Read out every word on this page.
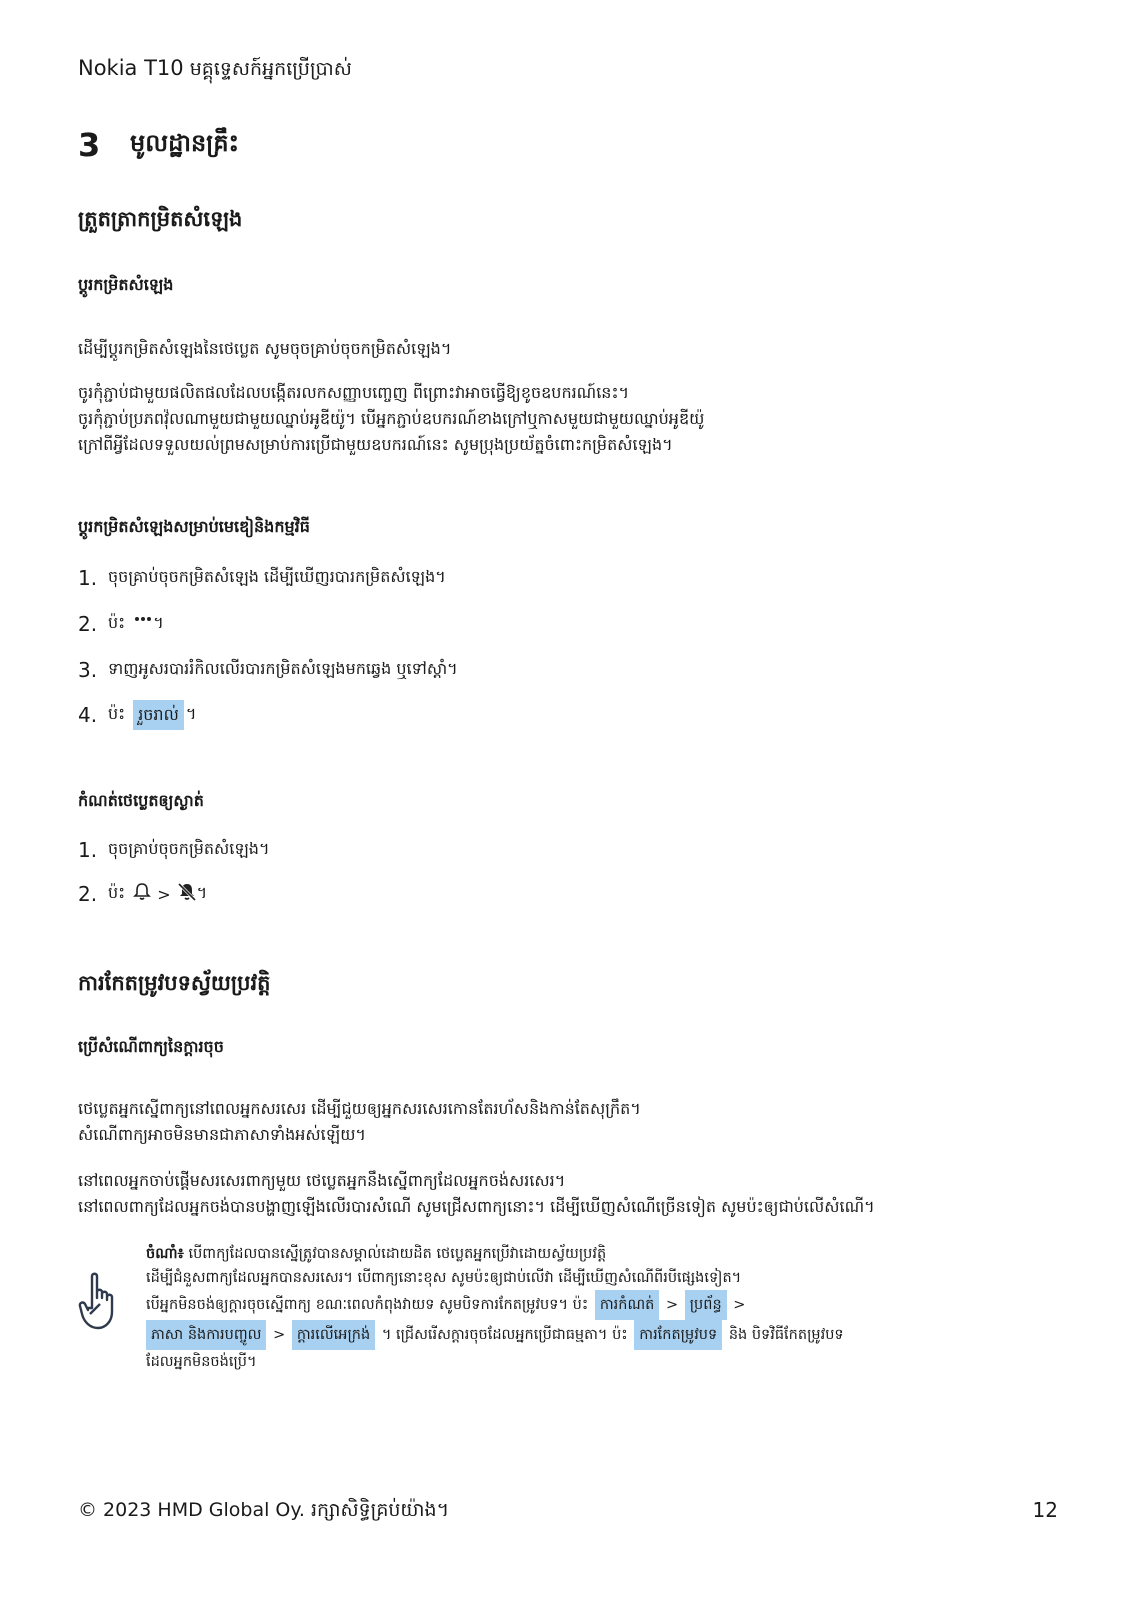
Nokia T10 មគ្គុទ្ទេសក៍អ្នកប្រើប្រាស់
3	មូលដ្ឋានគ្រឹះ
ត្រួតត្រាកម្រិតសំឡេង
ប្តូរកម្រិតសំឡេង
ដើម្បីប្ដូរកម្រិតសំឡេងនៃថេប្លេត សូមចុចគ្រាប់ចុចកម្រិតសំឡេង។
ចូរកុំភ្ជាប់ជាមួយផលិតផលដែលបង្កើតរលកសញ្ញាបញ្ចេញ ពីព្រោះវាអាចធ្វើឱ្យខូចឧបករណ៍នេះ។
ចូរកុំភ្ជាប់ប្រភពវ៉ុលណាមួយជាមួយឈ្នាប់អូឌីយ៉ូ។ បើអ្នកភ្ជាប់ឧបករណ៍ខាងក្រៅឬកាសមួយជាមួយឈ្នាប់អូឌីយ៉ូ
ក្រៅពីអ្វីដែលទទួលយល់ព្រមសម្រាប់ការប្រើជាមួយឧបករណ៍នេះ សូមប្រុងប្រយ័ត្នចំពោះកម្រិតសំឡេង។
ប្តូរកម្រិតសំឡេងសម្រាប់មេឌៀនិងកម្មវិធី
1. ចុចគ្រាប់ចុចកម្រិតសំឡេង ដើម្បីឃើញរបារកម្រិតសំឡេង។
2. ប៉ះ ។
3. ទាញអូសរបាររំកិលលើរបារកម្រិតសំឡេងមកឆ្វេង ឬទៅស្តាំ។
4. ប៉ះ រួចរាល់ ។
កំណត់ថេប្លេតឲ្យស្ងាត់
1. ចុចគ្រាប់ចុចកម្រិតសំឡេង។
2. ប៉ះ > ។
ការកែតម្រូវបទស្វ័យប្រវត្តិ
ប្រើសំណើពាក្យនៃក្ដារចុច
ថេប្លេតអ្នកស្នើពាក្យនៅពេលអ្នកសរសេរ ដើម្បីជួយឲ្យអ្នកសរសេរកោនតែរហ័សនិងកាន់តែសុក្រឹត។
សំណើពាក្យអាចមិនមានជាភាសាទាំងអស់ឡើយ។
នៅពេលអ្នកចាប់ផ្ដើមសរសេរពាក្យមួយ ថេប្លេតអ្នកនឹងស្នើពាក្យដែលអ្នកចង់សរសេរ។
នៅពេលពាក្យដែលអ្នកចង់បានបង្ហាញឡើងលើរបារសំណើ សូមជ្រើសពាក្យនោះ។ ដើម្បីឃើញសំណើច្រើនទៀត សូមប៉ះឲ្យជាប់លើសំណើ។
ចំណាំ៖ បើពាក្យដែលបានស្នើត្រូវបានសម្គាល់ដោយដិត ថេប្លេតអ្នកប្រើវាដោយស្វ័យប្រវត្តិ
ដើម្បីជំនួសពាក្យដែលអ្នកបានសរសេរ។ បើពាក្យនោះខុស សូមប៉ះឲ្យជាប់លើវា ដើម្បីឃើញសំណើពីរបីផ្សេងទៀត។
បើអ្នកមិនចង់ឲ្យក្ដារចុចស្នើពាក្យ ខណៈពេលកំពុងវាយទ សូមបិទការកែតម្រូវបទ។ ប៉ះ ការកំណត់ > ប្រព័ន្ធ >
ភាសា និងការបញ្ចូល > ក្ដារលើអេក្រង់ ។ ជ្រើសរើសក្ដារចុចដែលអ្នកប្រើជាធម្មតា។ ប៉ះ ការកែតម្រូវបទ និង បិទវិធីកែតម្រូវបទ
ដែលអ្នកមិនចង់ប្រើ។
© 2023 HMD Global Oy. រក្សាសិទ្ធិគ្រប់យ៉ាង។	12
